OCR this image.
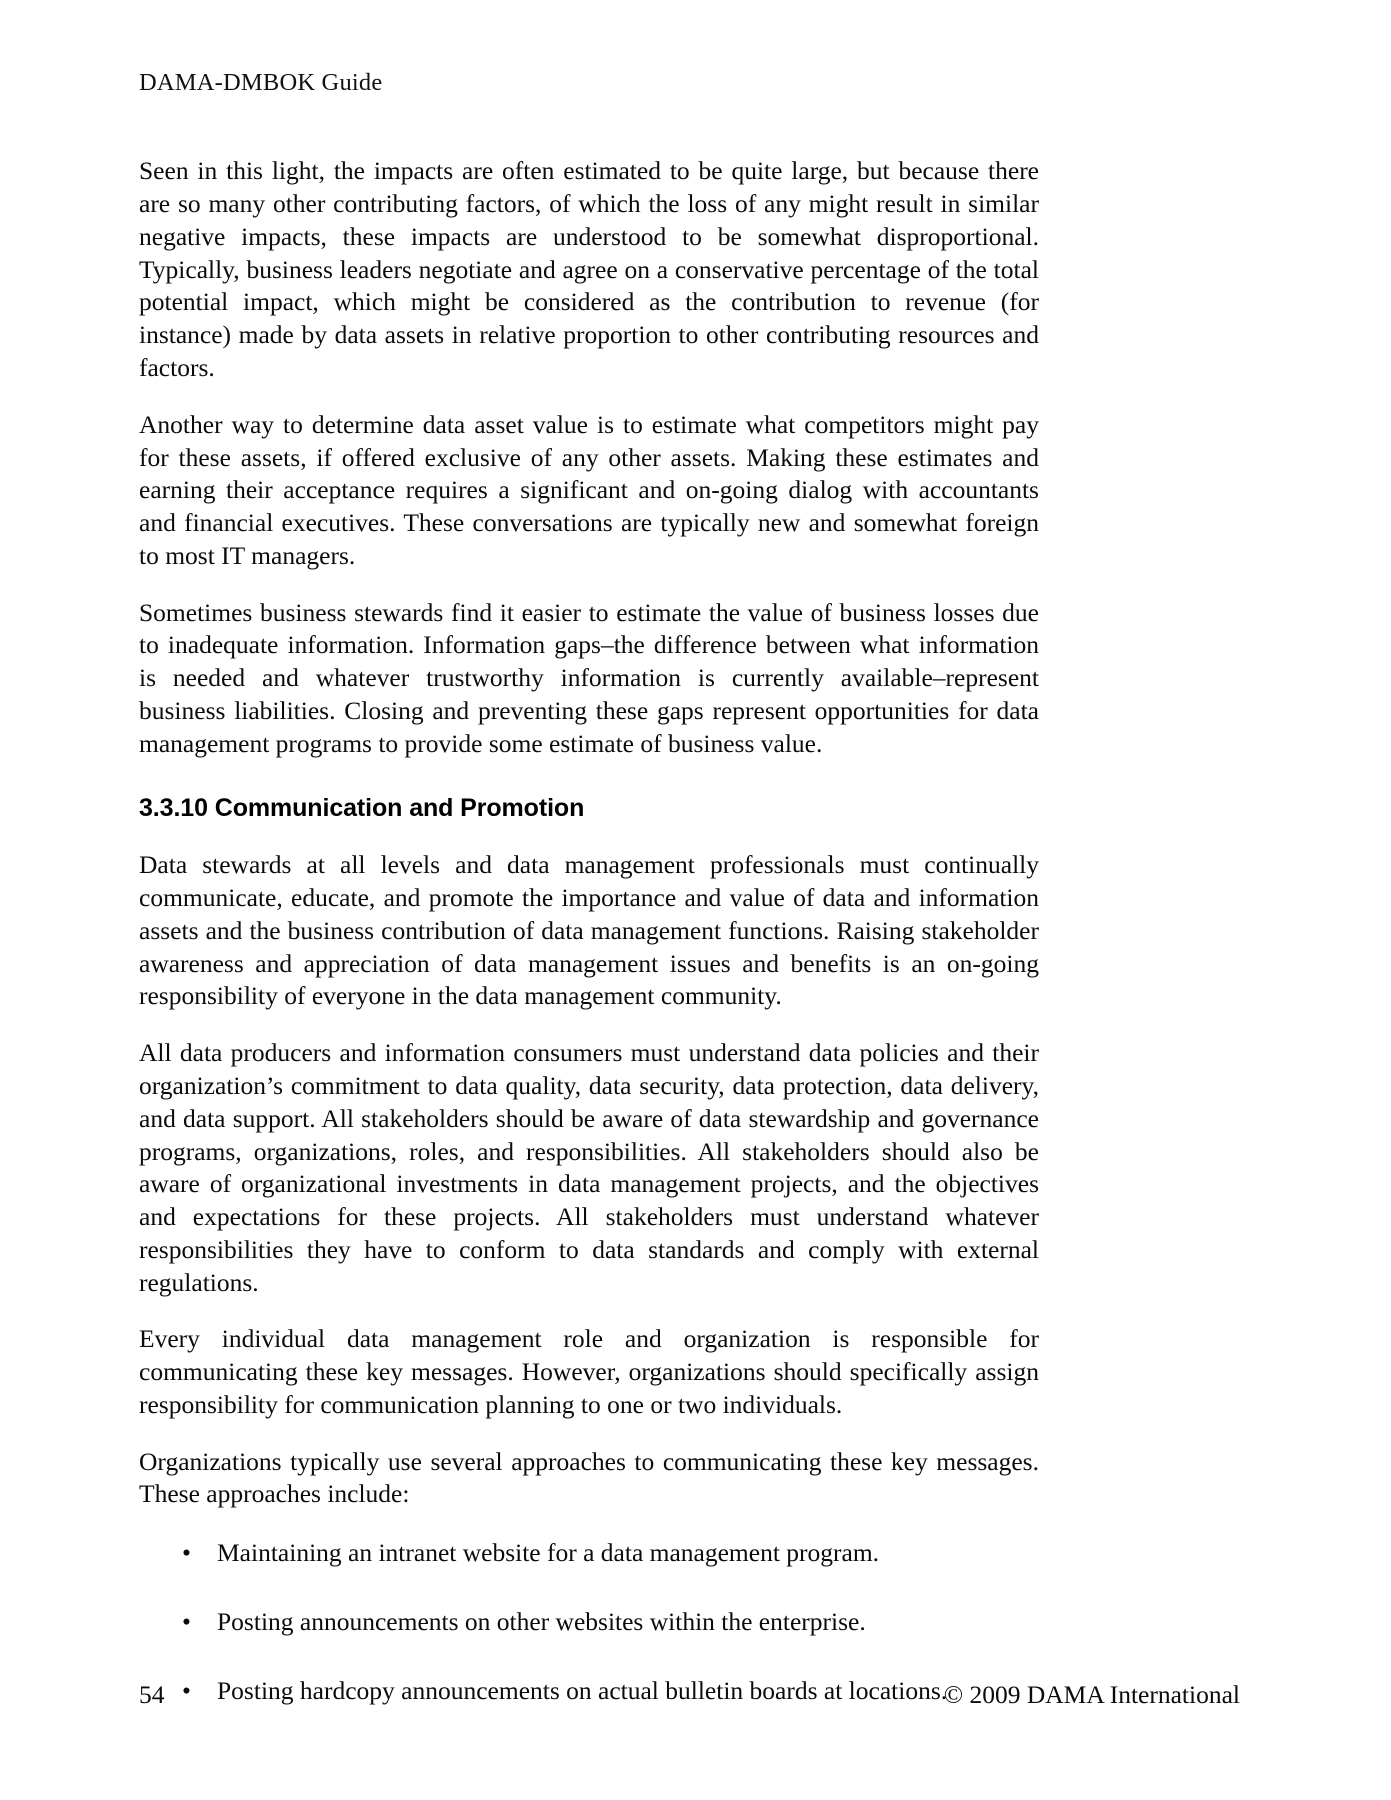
DAMA-DMBOK Guide

Seen in this light, the impacts are often estimated to be quite large, but because there are so many other contributing factors, of which the loss of any might result in similar negative impacts, these impacts are understood to be somewhat disproportional. Typically, business leaders negotiate and agree on a conservative percentage of the total potential impact, which might be considered as the contribution to revenue (for instance) made by data assets in relative proportion to other contributing resources and factors.

Another way to determine data asset value is to estimate what competitors might pay for these assets, if offered exclusive of any other assets. Making these estimates and earning their acceptance requires a significant and on-going dialog with accountants and financial executives. These conversations are typically new and somewhat foreign to most IT managers.

Sometimes business stewards find it easier to estimate the value of business losses due to inadequate information. Information gaps–the difference between what information is needed and whatever trustworthy information is currently available–represent business liabilities. Closing and preventing these gaps represent opportunities for data management programs to provide some estimate of business value.

3.3.10 Communication and Promotion

Data stewards at all levels and data management professionals must continually communicate, educate, and promote the importance and value of data and information assets and the business contribution of data management functions. Raising stakeholder awareness and appreciation of data management issues and benefits is an on-going responsibility of everyone in the data management community.

All data producers and information consumers must understand data policies and their organization’s commitment to data quality, data security, data protection, data delivery, and data support. All stakeholders should be aware of data stewardship and governance programs, organizations, roles, and responsibilities. All stakeholders should also be aware of organizational investments in data management projects, and the objectives and expectations for these projects. All stakeholders must understand whatever responsibilities they have to conform to data standards and comply with external regulations.

Every individual data management role and organization is responsible for communicating these key messages. However, organizations should specifically assign responsibility for communication planning to one or two individuals.

Organizations typically use several approaches to communicating these key messages. These approaches include:

• Maintaining an intranet website for a data management program.
• Posting announcements on other websites within the enterprise.
• Posting hardcopy announcements on actual bulletin boards at locations.
54	© 2009 DAMA International
